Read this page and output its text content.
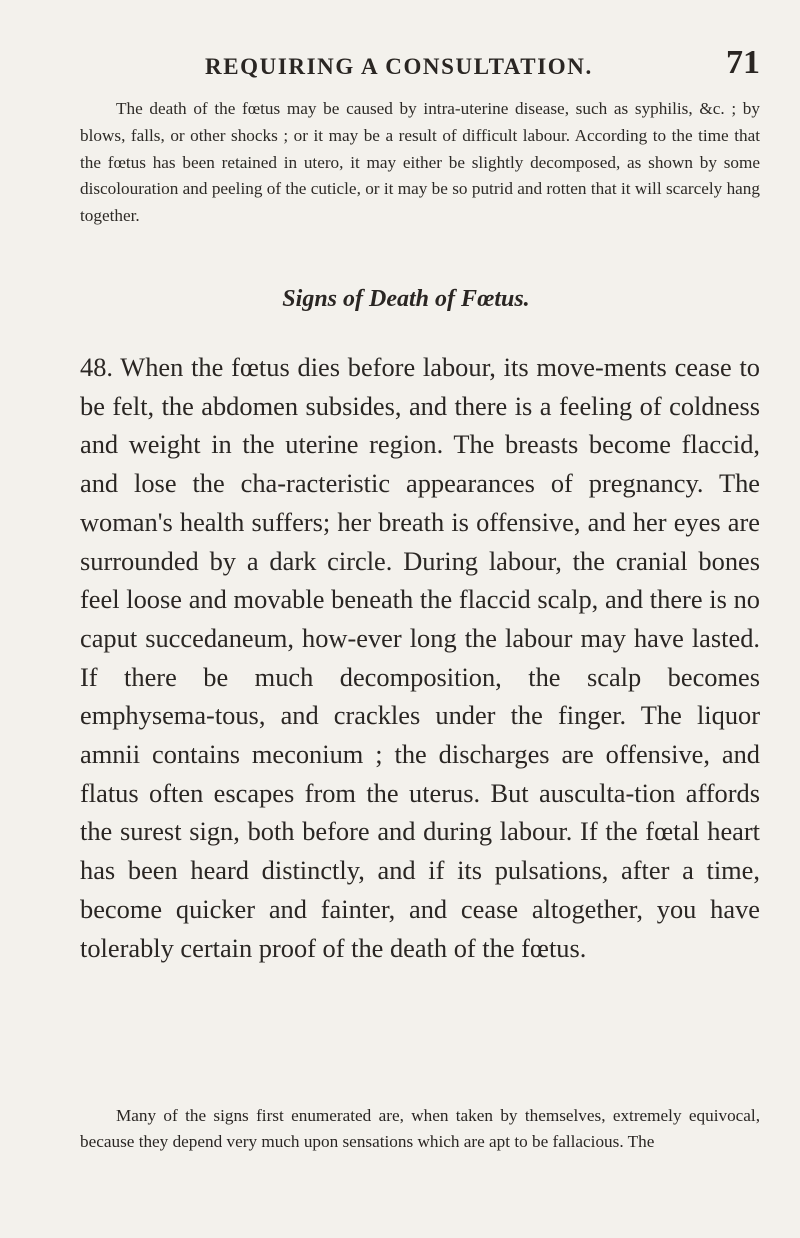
REQUIRING A CONSULTATION.	71

The death of the fœtus may be caused by intra-uterine disease, such as syphilis, &c. ; by blows, falls, or other shocks ; or it may be a result of difficult labour. According to the time that the fœtus has been retained in utero, it may either be slightly decomposed, as shown by some discolouration and peeling of the cuticle, or it may be so putrid and rotten that it will scarcely hang together.

Signs of Death of Fœtus.

48. When the fœtus dies before labour, its move-ments cease to be felt, the abdomen subsides, and there is a feeling of coldness and weight in the uterine region. The breasts become flaccid, and lose the cha-racteristic appearances of pregnancy. The woman's health suffers; her breath is offensive, and her eyes are surrounded by a dark circle. During labour, the cranial bones feel loose and movable beneath the flaccid scalp, and there is no caput succedaneum, how-ever long the labour may have lasted. If there be much decomposition, the scalp becomes emphysema-tous, and crackles under the finger. The liquor amnii contains meconium ; the discharges are offensive, and flatus often escapes from the uterus. But ausculta-tion affords the surest sign, both before and during labour. If the fœtal heart has been heard distinctly, and if its pulsations, after a time, become quicker and fainter, and cease altogether, you have tolerably certain proof of the death of the fœtus.

Many of the signs first enumerated are, when taken by themselves, extremely equivocal, because they depend very much upon sensations which are apt to be fallacious. The
